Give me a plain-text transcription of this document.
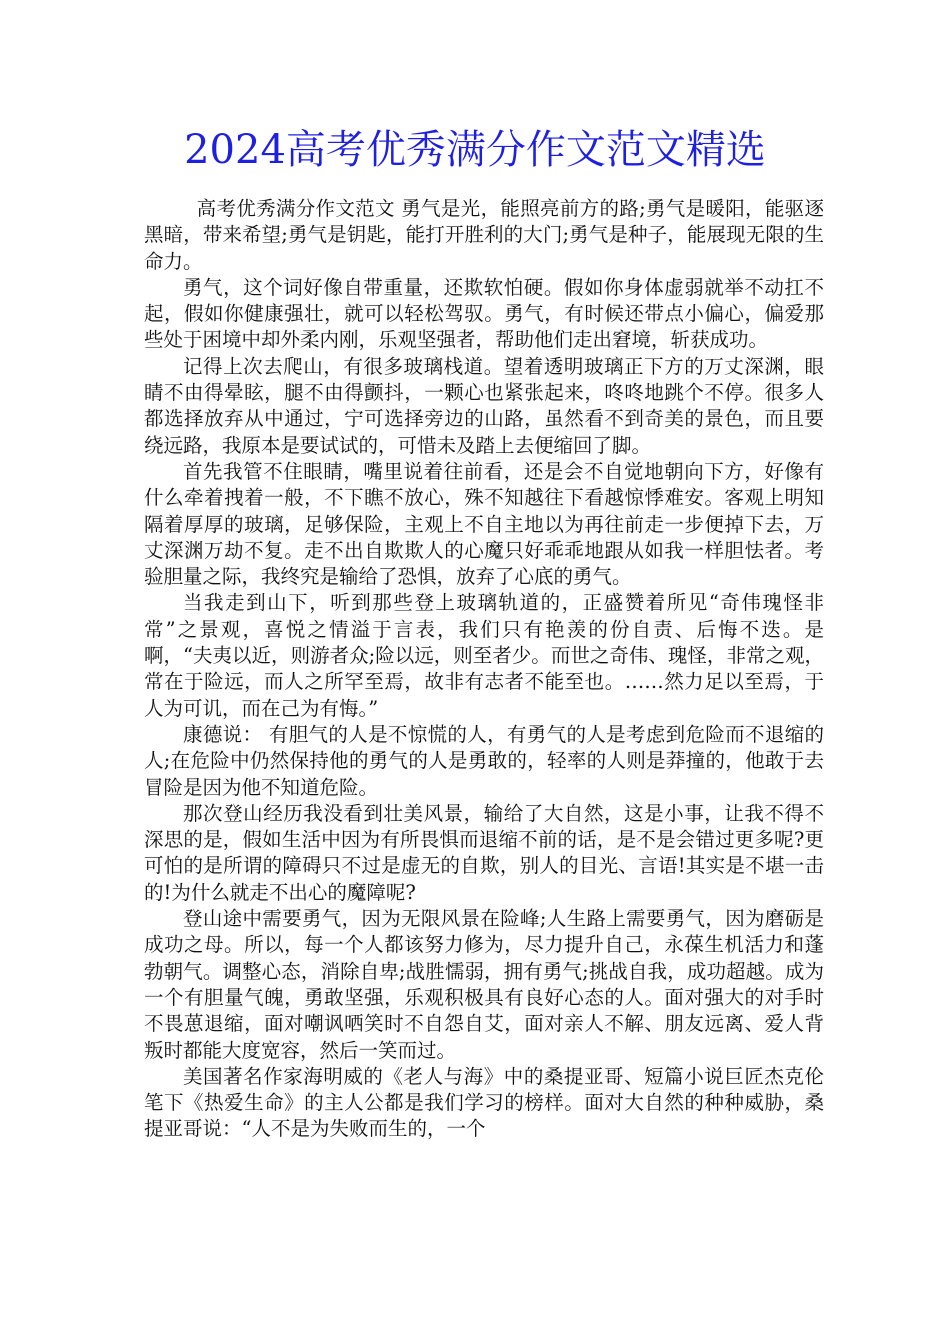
2024高考优秀满分作文范文精选

高考优秀满分作文范文 勇气是光，能照亮前方的路;勇气是暖阳，能驱逐黑暗，带来希望;勇气是钥匙，能打开胜利的大门;勇气是种子，能展现无限的生命力。

勇气，这个词好像自带重量，还欺软怕硬。假如你身体虚弱就举不动扛不起，假如你健康强壮，就可以轻松驾驭。勇气，有时候还带点小偏心，偏爱那些处于困境中却外柔内刚，乐观坚强者，帮助他们走出窘境，斩获成功。

记得上次去爬山，有很多玻璃栈道。望着透明玻璃正下方的万丈深渊，眼睛不由得晕眩，腿不由得颤抖，一颗心也紧张起来，咚咚地跳个不停。很多人都选择放弃从中通过，宁可选择旁边的山路，虽然看不到奇美的景色，而且要绕远路，我原本是要试试的，可惜未及踏上去便缩回了脚。

首先我管不住眼睛，嘴里说着往前看，还是会不自觉地朝向下方，好像有什么牵着拽着一般，不下瞧不放心，殊不知越往下看越惊悸难安。客观上明知隔着厚厚的玻璃，足够保险，主观上不自主地以为再往前走一步便掉下去，万丈深渊万劫不复。走不出自欺欺人的心魔只好乖乖地跟从如我一样胆怯者。考验胆量之际，我终究是输给了恐惧，放弃了心底的勇气。

当我走到山下，听到那些登上玻璃轨道的，正盛赞着所见“奇伟瑰怪非常”之景观，喜悦之情溢于言表，我们只有艳羡的份自责、后悔不迭。是啊，“夫夷以近，则游者众;险以远，则至者少。而世之奇伟、瑰怪，非常之观，常在于险远，而人之所罕至焉，故非有志者不能至也。……然力足以至焉，于人为可讥，而在己为有悔。”

康德说： 有胆气的人是不惊慌的人，有勇气的人是考虑到危险而不退缩的人;在危险中仍然保持他的勇气的人是勇敢的，轻率的人则是莽撞的，他敢于去冒险是因为他不知道危险。

那次登山经历我没看到壮美风景，输给了大自然，这是小事，让我不得不深思的是，假如生活中因为有所畏惧而退缩不前的话，是不是会错过更多呢?更可怕的是所谓的障碍只不过是虚无的自欺，别人的目光、言语!其实是不堪一击的!为什么就走不出心的魔障呢?

登山途中需要勇气，因为无限风景在险峰;人生路上需要勇气，因为磨砺是成功之母。所以，每一个人都该努力修为，尽力提升自己，永葆生机活力和蓬勃朝气。调整心态，消除自卑;战胜懦弱，拥有勇气;挑战自我，成功超越。成为一个有胆量气魄，勇敢坚强，乐观积极具有良好心态的人。面对强大的对手时不畏葸退缩，面对嘲讽哂笑时不自怨自艾，面对亲人不解、朋友远离、爱人背叛时都能大度宽容，然后一笑而过。

美国著名作家海明威的《老人与海》中的桑提亚哥、短篇小说巨匠杰克伦笔下《热爱生命》的主人公都是我们学习的榜样。面对大自然的种种威胁，桑提亚哥说：“人不是为失败而生的，一个
